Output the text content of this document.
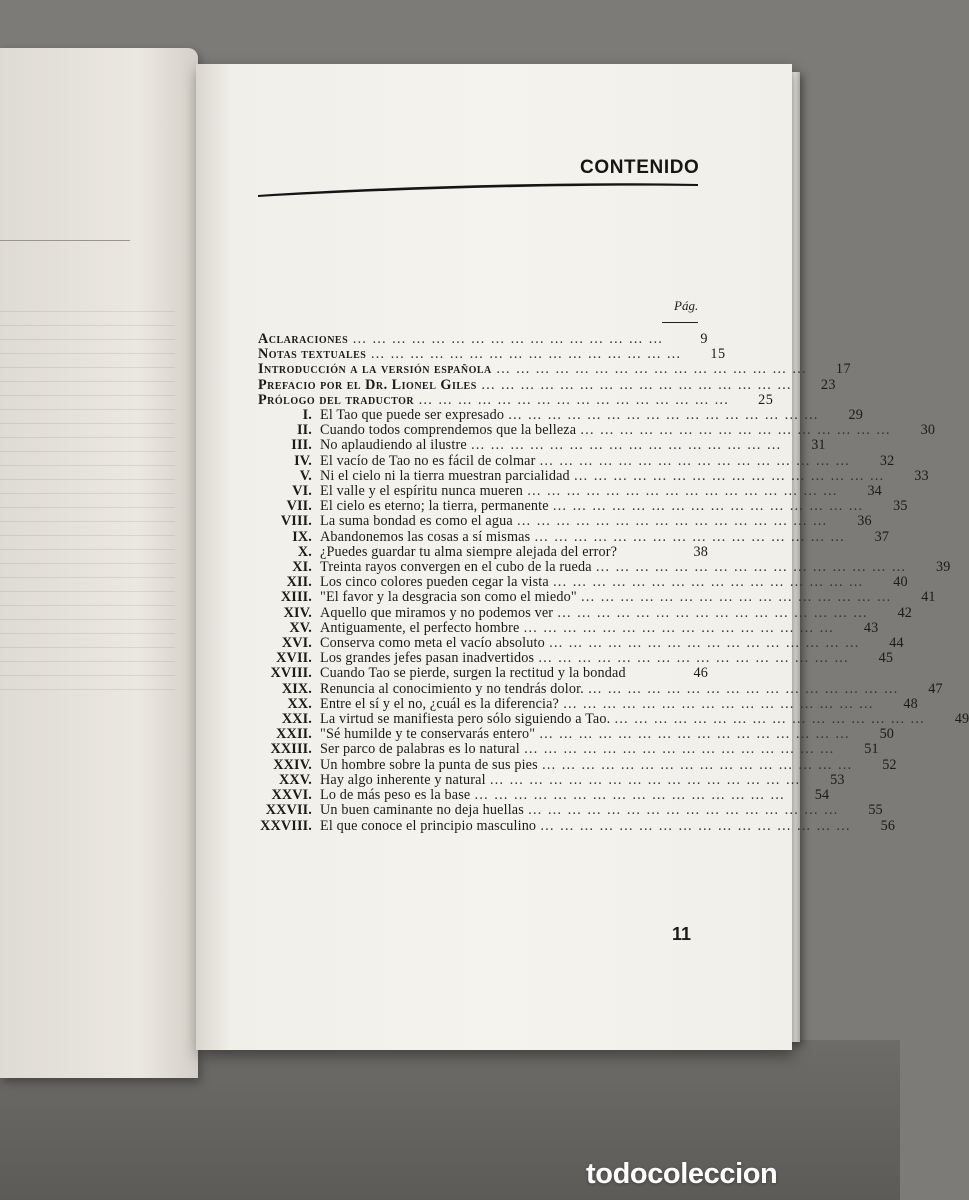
CONTENIDO
Pág.
Aclaraciones … … … … … … … … … … … … … … … …	9
Notas textuales … … … … … … … … … … … … … … … …	15
Introducción a la versión española … … … … … … … … … … … … … … … …	17
Prefacio por el Dr. Lionel Giles … … … … … … … … … … … … … … … …	23
Prólogo del traductor … … … … … … … … … … … … … … … …	25
I. El Tao que puede ser expresado … … … … … … … … … … … … … … … …	29
II. Cuando todos comprendemos que la belleza … … … … … … … … … … … … … … … …	30
III. No aplaudiendo al ilustre … … … … … … … … … … … … … … … …	31
IV. El vacío de Tao no es fácil de colmar … … … … … … … … … … … … … … … …	32
V. Ni el cielo ni la tierra muestran parcialidad … … … … … … … … … … … … … … … …	33
VI. El valle y el espíritu nunca mueren … … … … … … … … … … … … … … … …	34
VII. El cielo es eterno; la tierra, permanente … … … … … … … … … … … … … … … …	35
VIII. La suma bondad es como el agua … … … … … … … … … … … … … … … …	36
IX. Abandonemos las cosas a sí mismas … … … … … … … … … … … … … … … …	37
X. ¿Puedes guardar tu alma siempre alejada del error?	38
XI. Treinta rayos convergen en el cubo de la rueda … … … … … … … … … … … … … … … …	39
XII. Los cinco colores pueden cegar la vista … … … … … … … … … … … … … … … …	40
XIII. "El favor y la desgracia son como el miedo" … … … … … … … … … … … … … … … …	41
XIV. Aquello que miramos y no podemos ver … … … … … … … … … … … … … … … …	42
XV. Antiguamente, el perfecto hombre … … … … … … … … … … … … … … … …	43
XVI. Conserva como meta el vacío absoluto … … … … … … … … … … … … … … … …	44
XVII. Los grandes jefes pasan inadvertidos … … … … … … … … … … … … … … … …	45
XVIII. Cuando Tao se pierde, surgen la rectitud y la bondad	46
XIX. Renuncia al conocimiento y no tendrás dolor. … … … … … … … … … … … … … … … …	47
XX. Entre el sí y el no, ¿cuál es la diferencia? … … … … … … … … … … … … … … … …	48
XXI. La virtud se manifiesta pero sólo siguiendo a Tao. … … … … … … … … … … … … … … … …	49
XXII. "Sé humilde y te conservarás entero" … … … … … … … … … … … … … … … …	50
XXIII. Ser parco de palabras es lo natural … … … … … … … … … … … … … … … …	51
XXIV. Un hombre sobre la punta de sus pies … … … … … … … … … … … … … … … …	52
XXV. Hay algo inherente y natural … … … … … … … … … … … … … … … …	53
XXVI. Lo de más peso es la base … … … … … … … … … … … … … … … …	54
XXVII. Un buen caminante no deja huellas … … … … … … … … … … … … … … … …	55
XXVIII. El que conoce el principio masculino … … … … … … … … … … … … … … … …	56
11
todocoleccion
